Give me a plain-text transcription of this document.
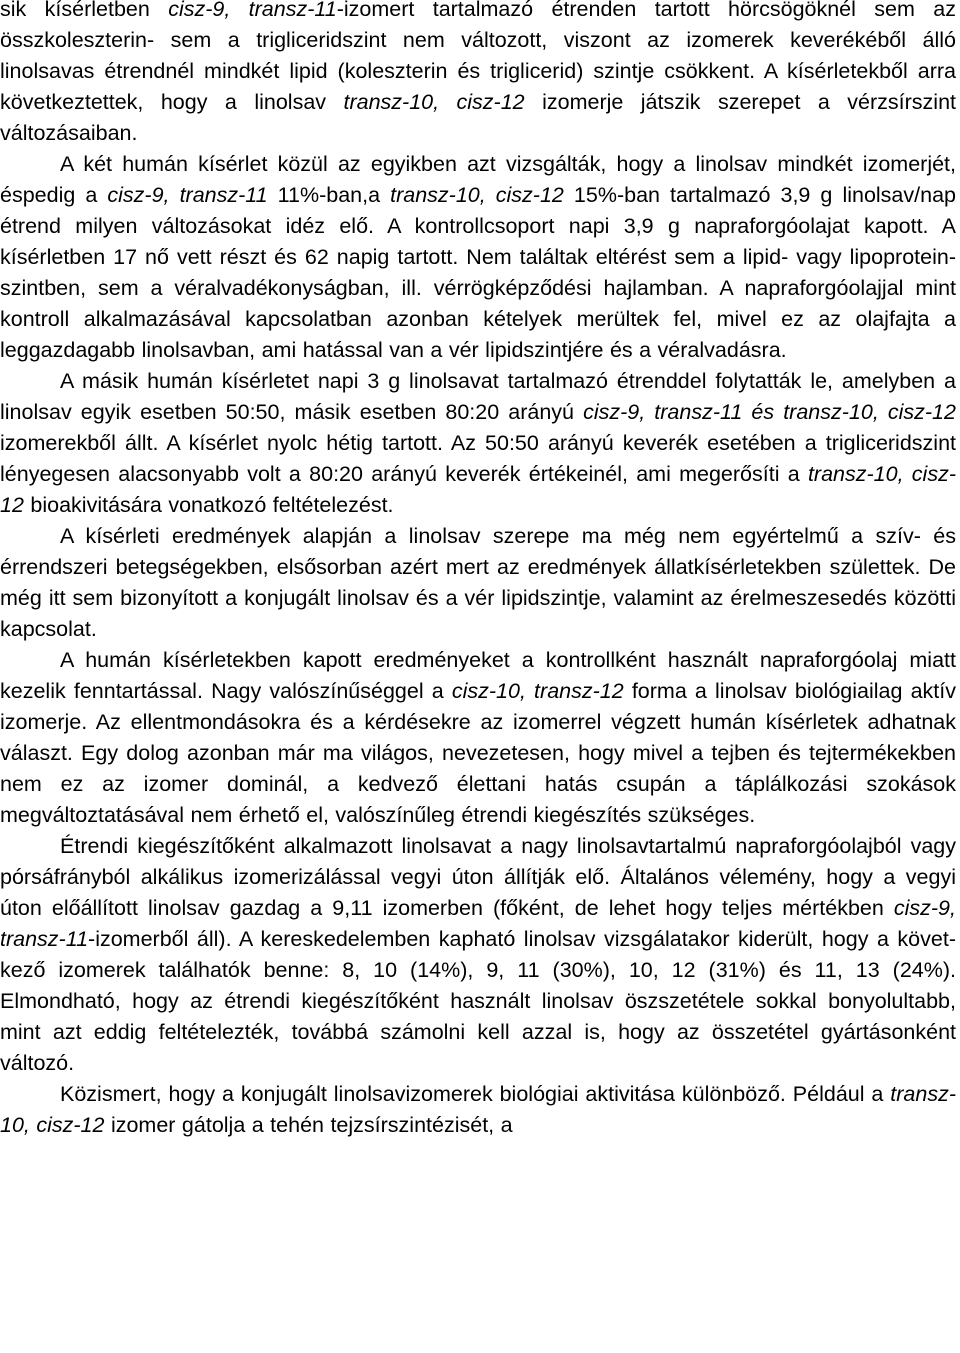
sik kísérletben cisz-9, transz-11-izomert tartalmazó étrenden tartott hörcsögöknél sem az összkoleszterin- sem a trigliceridszint nem változott, viszont az izomerek keverékéből álló linolsavas étrendnél mindkét lipid (koleszterin és triglicerid) szintje csökkent. A kísérletekből arra következtettek, hogy a linolsav transz-10, cisz-12 izomerje játszik szerepet a vérzsírszint változásaiban.

A két humán kísérlet közül az egyikben azt vizsgálták, hogy a linolsav mindkét izomerjét, éspedig a cisz-9, transz-11 11%-ban,a transz-10, cisz-12 15%-ban tartalmazó 3,9 g linolsav/nap étrend milyen változásokat idéz elő. A kontrollcsoport napi 3,9 g napraforgóolajat kapott. A kísérletben 17 nő vett részt és 62 napig tartott. Nem találtak eltérést sem a lipid- vagy lipoproteinszintben, sem a véralvadékonyságban, ill. vérrögképződési hajlamban. A napraforgóolajjal mint kontroll alkalmazásával kapcsolatban azonban kételyek merültek fel, mivel ez az olajfajta a leggazdagabb linolsavban, ami hatással van a vér lipidszintjére és a véralvadásra.

A másik humán kísérletet napi 3 g linolsavat tartalmazó étrenddel folytatták le, amelyben a linolsav egyik esetben 50:50, másik esetben 80:20 arányú cisz-9, transz-11 és transz-10, cisz-12 izomerekből állt. A kísérlet nyolc hétig tartott. Az 50:50 arányú keverék esetében a trigliceridszint lényegesen alacsonyabb volt a 80:20 arányú keverék értékeinél, ami megerősíti a transz-10, cisz-12 bioakivitására vonatkozó feltételezést.

A kísérleti eredmények alapján a linolsav szerepe ma még nem egyértelmű a szív- és érrendszeri betegségekben, elsősorban azért mert az eredmények állatkísérletekben születtek. De még itt sem bizonyított a konjugált linolsav és a vér lipidszintje, valamint az érelmeszesedés közötti kapcsolat.

A humán kísérletekben kapott eredményeket a kontrollként használt napraforgóolaj miatt kezelik fenntartással. Nagy valószínűséggel a cisz-10, transz-12 forma a linolsav biológiailag aktív izomerje. Az ellentmondásokra és a kérdésekre az izomerrel végzett humán kísérletek adhatnak választ. Egy dolog azonban már ma világos, nevezetesen, hogy mivel a tejben és tejtermékekben nem ez az izomer dominál, a kedvező élettani hatás csupán a táplálkozási szokások megváltoztatásával nem érhető el, valószínűleg étrendi kiegészítés szükséges.

Étrendi kiegészítőként alkalmazott linolsavat a nagy linolsavtartalmú napraforgóolajból vagy pórsáfrányból alkálikus izomerizálással vegyi úton állítják elő. Általános vélemény, hogy a vegyi úton előállított linolsav gazdag a 9,11 izomerben (főként, de lehet hogy teljes mértékben cisz-9, transz-11-izomerből áll). A kereskedelemben kapható linolsav vizsgálatakor kiderült, hogy a következő izomerek találhatók benne: 8, 10 (14%), 9, 11 (30%), 10, 12 (31%) és 11, 13 (24%). Elmondható, hogy az étrendi kiegészítőként használt linolsav öszszetétele sokkal bonyolultabb, mint azt eddig feltételezték, továbbá számolni kell azzal is, hogy az összetétel gyártásonként változó.

Közismert, hogy a konjugált linolsavizomerek biológiai aktivitása különböző. Például a transz-10, cisz-12 izomer gátolja a tehén tejzsírszintézisét, a
